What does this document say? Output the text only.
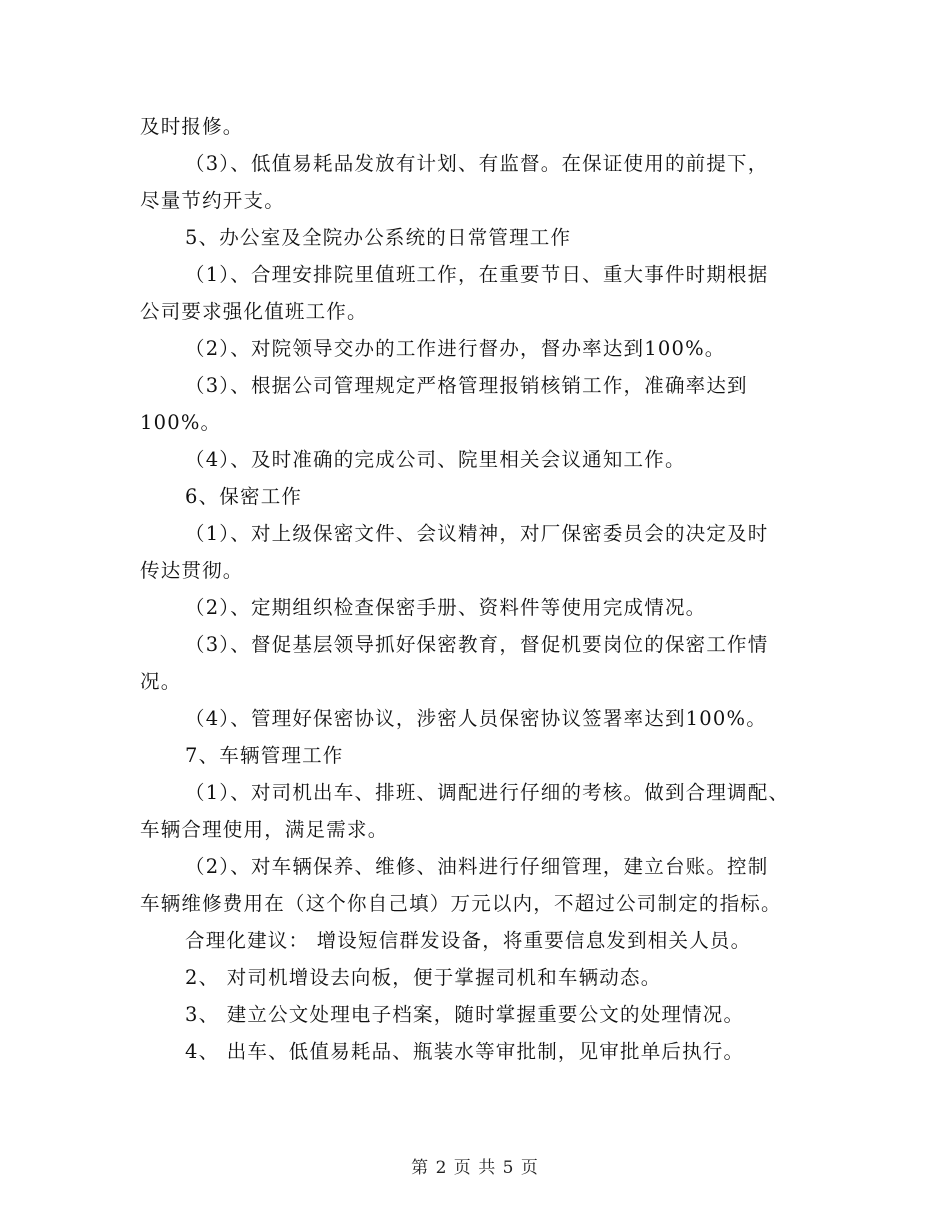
及时报修。
（3）、低值易耗品发放有计划、有监督。在保证使用的前提下，
尽量节约开支。
5、办公室及全院办公系统的日常管理工作
（1）、合理安排院里值班工作，在重要节日、重大事件时期根据
公司要求强化值班工作。
（2）、对院领导交办的工作进行督办，督办率达到100%。
（3）、根据公司管理规定严格管理报销核销工作，准确率达到
100%。
（4）、及时准确的完成公司、院里相关会议通知工作。
6、保密工作
（1）、对上级保密文件、会议精神，对厂保密委员会的决定及时
传达贯彻。
（2）、定期组织检查保密手册、资料件等使用完成情况。
（3）、督促基层领导抓好保密教育，督促机要岗位的保密工作情
况。
（4）、管理好保密协议，涉密人员保密协议签署率达到100%。
7、车辆管理工作
（1）、对司机出车、排班、调配进行仔细的考核。做到合理调配、
车辆合理使用，满足需求。
（2）、对车辆保养、维修、油料进行仔细管理，建立台账。控制
车辆维修费用在（这个你自己填）万元以内，不超过公司制定的指标。
合理化建议： 增设短信群发设备，将重要信息发到相关人员。
2、 对司机增设去向板，便于掌握司机和车辆动态。
3、 建立公文处理电子档案，随时掌握重要公文的处理情况。
4、 出车、低值易耗品、瓶装水等审批制，见审批单后执行。
第 2 页 共 5 页
